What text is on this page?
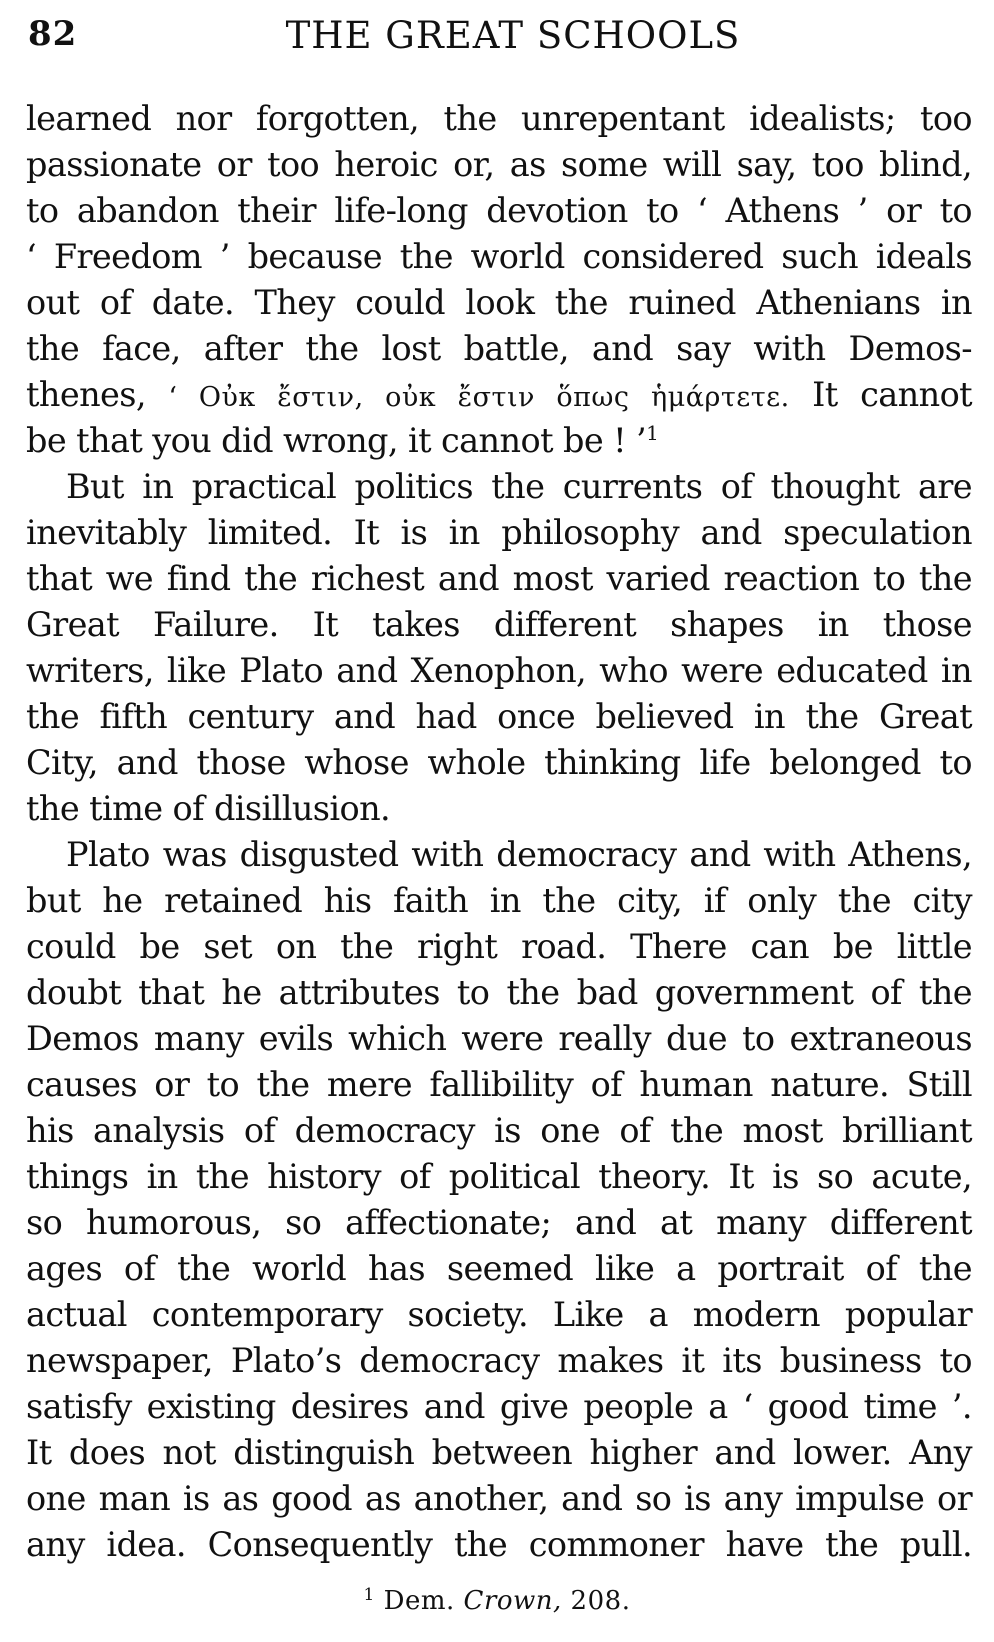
82	THE GREAT SCHOOLS
learned nor forgotten, the unrepentant idealists; too
passionate or too heroic or, as some will say, too blind,
to abandon their life-long devotion to ‘ Athens ’ or to
‘ Freedom ’ because the world considered such ideals
out of date. They could look the ruined Athenians in
the face, after the lost battle, and say with Demos-
thenes, ‘ Οὐκ ἔστιν, οὐκ ἔστιν ὅπως ἡμάρτετε. It cannot
be that you did wrong, it cannot be ! ’$^1$
But in practical politics the currents of thought are
inevitably limited. It is in philosophy and speculation
that we find the richest and most varied reaction to the
Great Failure. It takes different shapes in those
writers, like Plato and Xenophon, who were educated in
the fifth century and had once believed in the Great
City, and those whose whole thinking life belonged to
the time of disillusion.
Plato was disgusted with democracy and with Athens,
but he retained his faith in the city, if only the city
could be set on the right road. There can be little
doubt that he attributes to the bad government of the
Demos many evils which were really due to extraneous
causes or to the mere fallibility of human nature. Still
his analysis of democracy is one of the most brilliant
things in the history of political theory. It is so acute,
so humorous, so affectionate; and at many different
ages of the world has seemed like a portrait of the
actual contemporary society. Like a modern popular
newspaper, Plato’s democracy makes it its business to
satisfy existing desires and give people a ‘ good time ’.
It does not distinguish between higher and lower. Any
one man is as good as another, and so is any impulse or
any idea. Consequently the commoner have the pull.
$^1$ Dem. Crown, 208.
